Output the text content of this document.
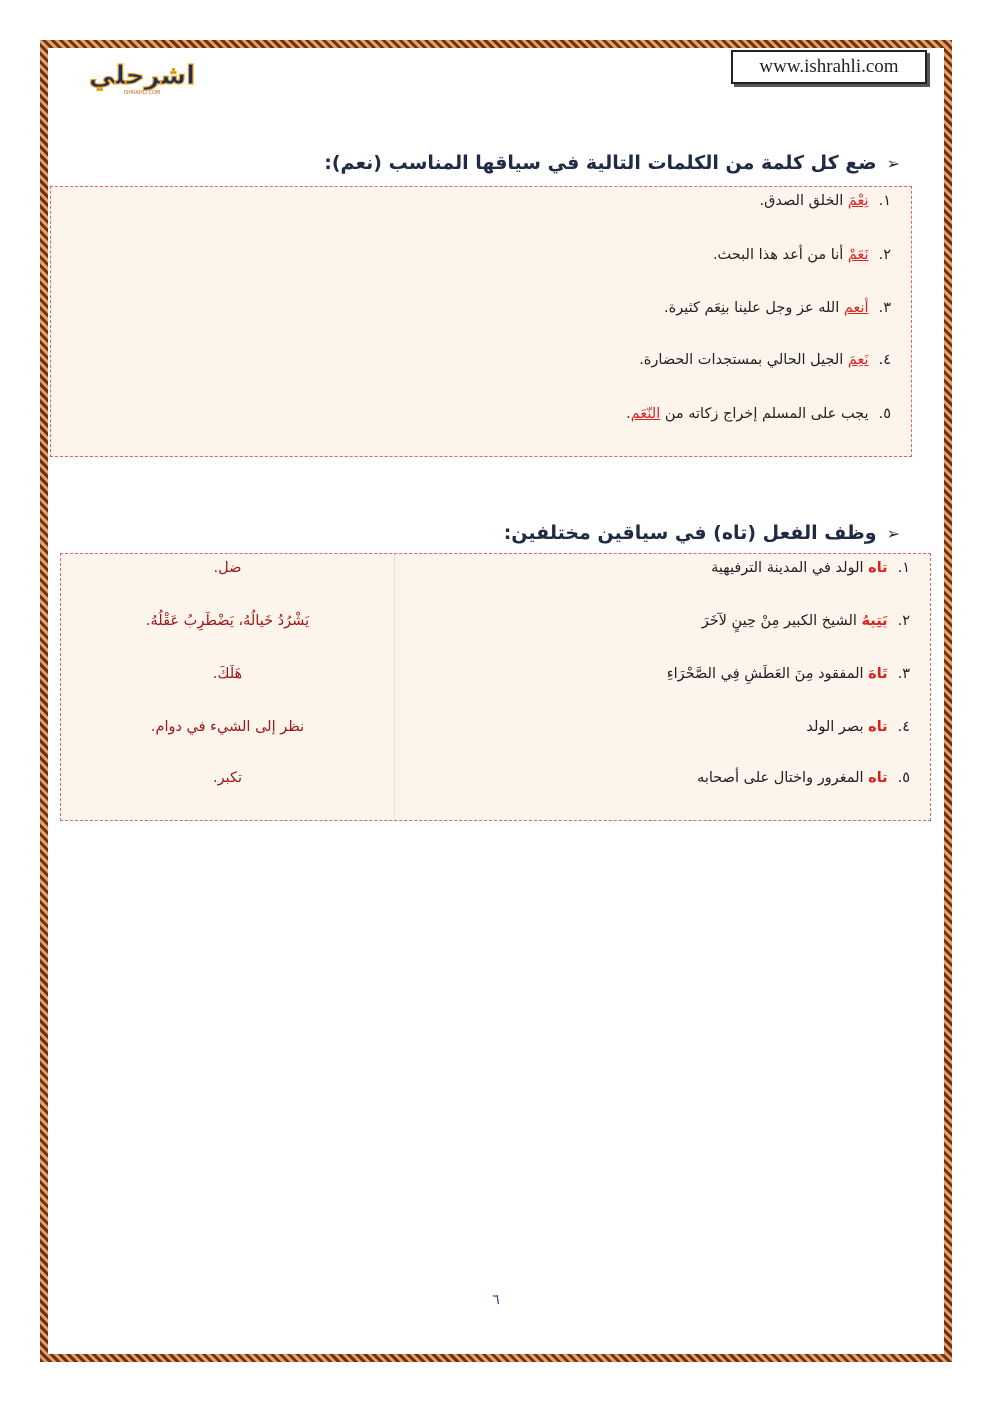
اشرحلي
ISHRAHLI.COM
www.ishrahli.com
➢ضع كل كلمة من الكلمات التالية في سياقها المناسب (نعم):
١.نِعْمَ الخلق الصدق.
٢.نَعَمْ أنا من أعد هذا البحث.
٣.أنعم الله عز وجل علينا بنِعَم كثيرة.
٤.نَعِمَ الجيل الحالي بمستجدات الحضارة.
٥.يجب على المسلم إخراج زكاته من النّعَم.
➢وظف الفعل (تاه) في سياقين مختلفين:
١.تاه الولد في المدينة الترفيهية
ضل.
٢.يَتِيهُ الشيخ الكبير مِنْ حِينٍ لآخَرَ
يَشْرُدُ خَيالُهُ، يَضْطَرِبُ عَقْلُهُ.
٣.تَاهَ المفقود مِنَ العَطَشِ فِي الصَّحْرَاءِ
هَلَكَ.
٤.تاه بصر الولد
نظر إلى الشيء في دوام.
٥.تاه المغرور واختال على أصحابه
تكبر.
٦
